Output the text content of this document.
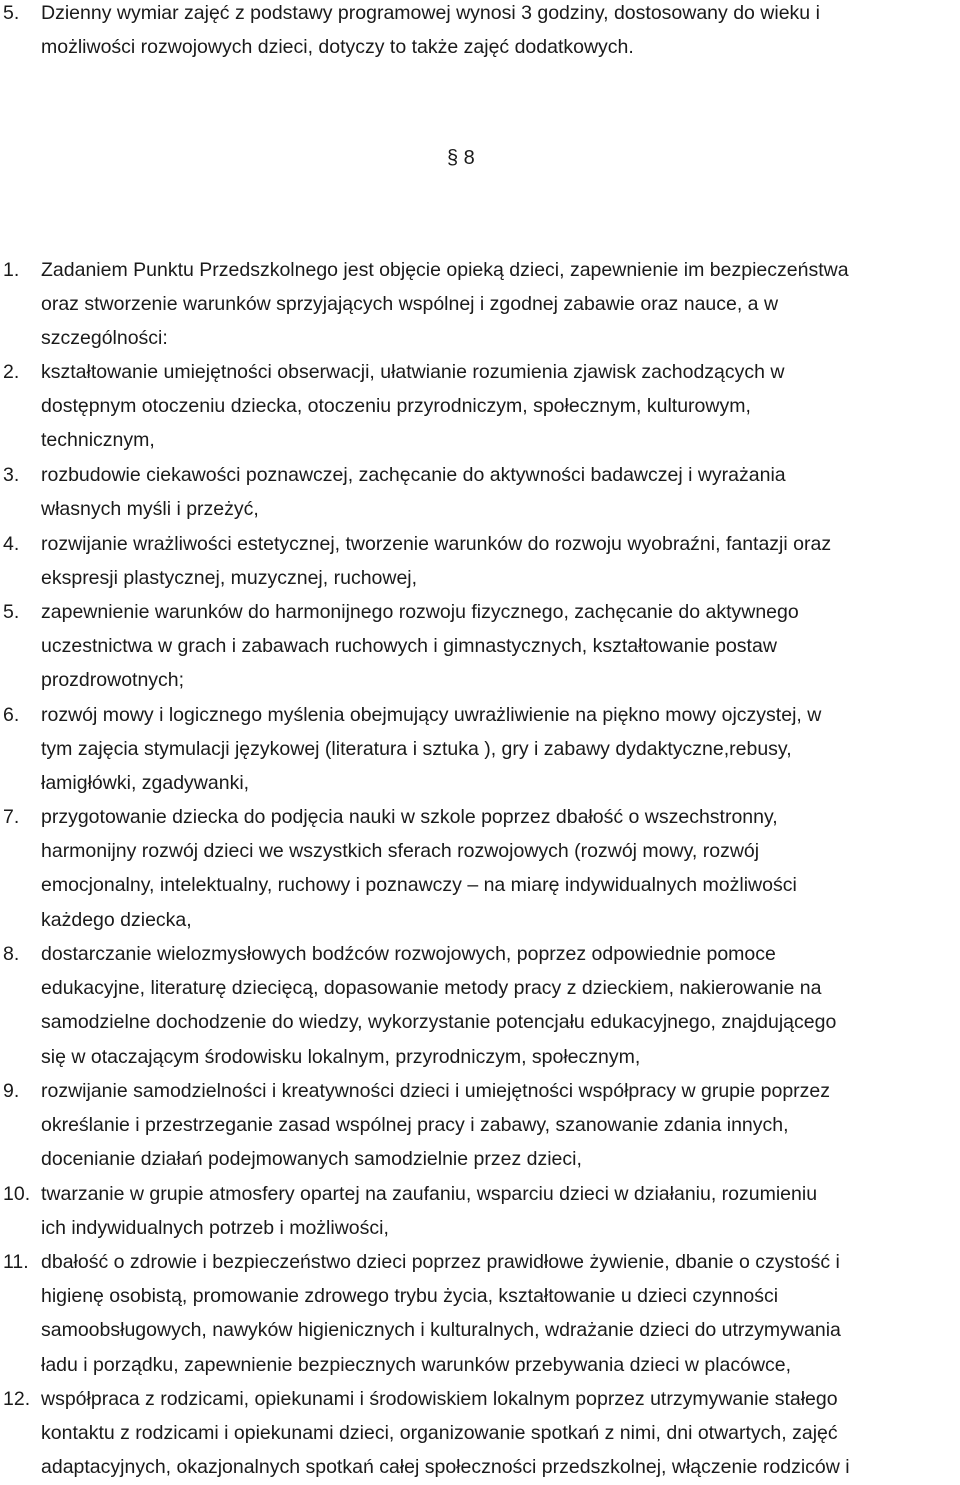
5.	Dzienny wymiar zajęć z podstawy programowej wynosi 3 godziny, dostosowany do wieku i
możliwości rozwojowych dzieci, dotyczy to także zajęć dodatkowych.
§ 8
1.	Zadaniem Punktu Przedszkolnego jest objęcie opieką dzieci, zapewnienie im bezpieczeństwa
oraz stworzenie warunków sprzyjających wspólnej i zgodnej zabawie oraz nauce, a w
szczególności:
2.	kształtowanie umiejętności obserwacji, ułatwianie rozumienia zjawisk zachodzących w
dostępnym otoczeniu dziecka, otoczeniu przyrodniczym, społecznym, kulturowym,
technicznym,
3.	rozbudowie ciekawości poznawczej, zachęcanie do aktywności badawczej i wyrażania
własnych myśli i przeżyć,
4.	rozwijanie wrażliwości estetycznej, tworzenie warunków do rozwoju wyobraźni, fantazji oraz
ekspresji plastycznej, muzycznej, ruchowej,
5.	zapewnienie warunków do harmonijnego rozwoju fizycznego, zachęcanie do aktywnego
uczestnictwa w grach i zabawach ruchowych i gimnastycznych, kształtowanie postaw
prozdrowotnych;
6.	rozwój mowy i logicznego myślenia obejmujący uwrażliwienie na piękno mowy ojczystej, w
tym zajęcia stymulacji językowej (literatura i sztuka ), gry i zabawy dydaktyczne,rebusy,
łamigłówki, zgadywanki,
7.	przygotowanie dziecka do podjęcia nauki w szkole poprzez dbałość o wszechstronny,
harmonijny rozwój dzieci we wszystkich sferach rozwojowych (rozwój mowy, rozwój
emocjonalny, intelektualny, ruchowy i poznawczy – na miarę indywidualnych możliwości
każdego dziecka,
8.	dostarczanie wielozmysłowych bodźców rozwojowych, poprzez odpowiednie pomoce
edukacyjne, literaturę dziecięcą, dopasowanie metody pracy z dzieckiem, nakierowanie na
samodzielne dochodzenie do wiedzy, wykorzystanie potencjału edukacyjnego, znajdującego
się w otaczającym środowisku lokalnym, przyrodniczym, społecznym,
9.	rozwijanie samodzielności i kreatywności dzieci i umiejętności współpracy w grupie poprzez
określanie i przestrzeganie zasad wspólnej pracy i zabawy, szanowanie zdania innych,
docenianie działań podejmowanych samodzielnie przez dzieci,
10. twarzanie w grupie atmosfery opartej na zaufaniu, wsparciu dzieci w działaniu, rozumieniu
ich indywidualnych potrzeb i możliwości,
11. dbałość o zdrowie i bezpieczeństwo dzieci poprzez prawidłowe żywienie, dbanie o czystość i
higienę osobistą, promowanie zdrowego trybu życia, kształtowanie u dzieci czynności
samoobsługowych, nawyków higienicznych i kulturalnych, wdrażanie dzieci do utrzymywania
ładu i porządku, zapewnienie bezpiecznych warunków przebywania dzieci w placówce,
12. współpraca z rodzicami, opiekunami i środowiskiem lokalnym poprzez utrzymywanie stałego
kontaktu z rodzicami i opiekunami dzieci, organizowanie spotkań z nimi, dni otwartych, zajęć
adaptacyjnych, okazjonalnych spotkań całej społeczności przedszkolnej, włączenie rodziców i
